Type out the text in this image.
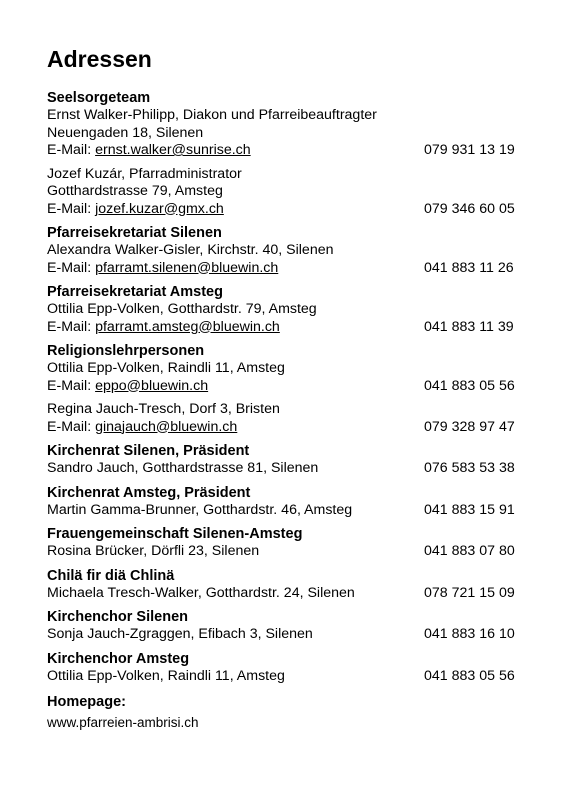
Adressen
Seelsorgeteam
Ernst Walker-Philipp, Diakon und Pfarreibeauftragter
Neuengaden 18, Silenen
E-Mail: ernst.walker@sunrise.ch	079 931 13 19
Jozef Kuzár, Pfarradministrator
Gotthardstrasse 79, Amsteg
E-Mail: jozef.kuzar@gmx.ch	079 346 60 05
Pfarreisekretariat Silenen
Alexandra Walker-Gisler, Kirchstr. 40, Silenen
E-Mail: pfarramt.silenen@bluewin.ch	041 883 11 26
Pfarreisekretariat Amsteg
Ottilia Epp-Volken, Gotthardstr. 79, Amsteg
E-Mail: pfarramt.amsteg@bluewin.ch	041 883 11 39
Religionslehrpersonen
Ottilia Epp-Volken, Raindli 11, Amsteg
E-Mail: eppo@bluewin.ch	041 883 05 56
Regina Jauch-Tresch, Dorf 3, Bristen
E-Mail: ginajauch@bluewin.ch	079 328 97 47
Kirchenrat Silenen, Präsident
Sandro Jauch, Gotthardstrasse 81, Silenen	076 583 53 38
Kirchenrat Amsteg, Präsident
Martin Gamma-Brunner, Gotthardstr. 46, Amsteg	041 883 15 91
Frauengemeinschaft Silenen-Amsteg
Rosina Brücker, Dörfli 23, Silenen	041 883 07 80
Chilä fir diä Chlinä
Michaela Tresch-Walker, Gotthardstr. 24, Silenen	078 721 15 09
Kirchenchor Silenen
Sonja Jauch-Zgraggen, Efibach 3, Silenen	041 883 16 10
Kirchenchor Amsteg
Ottilia Epp-Volken, Raindli 11, Amsteg	041 883 05 56
Homepage:
www.pfarreien-ambrisi.ch
